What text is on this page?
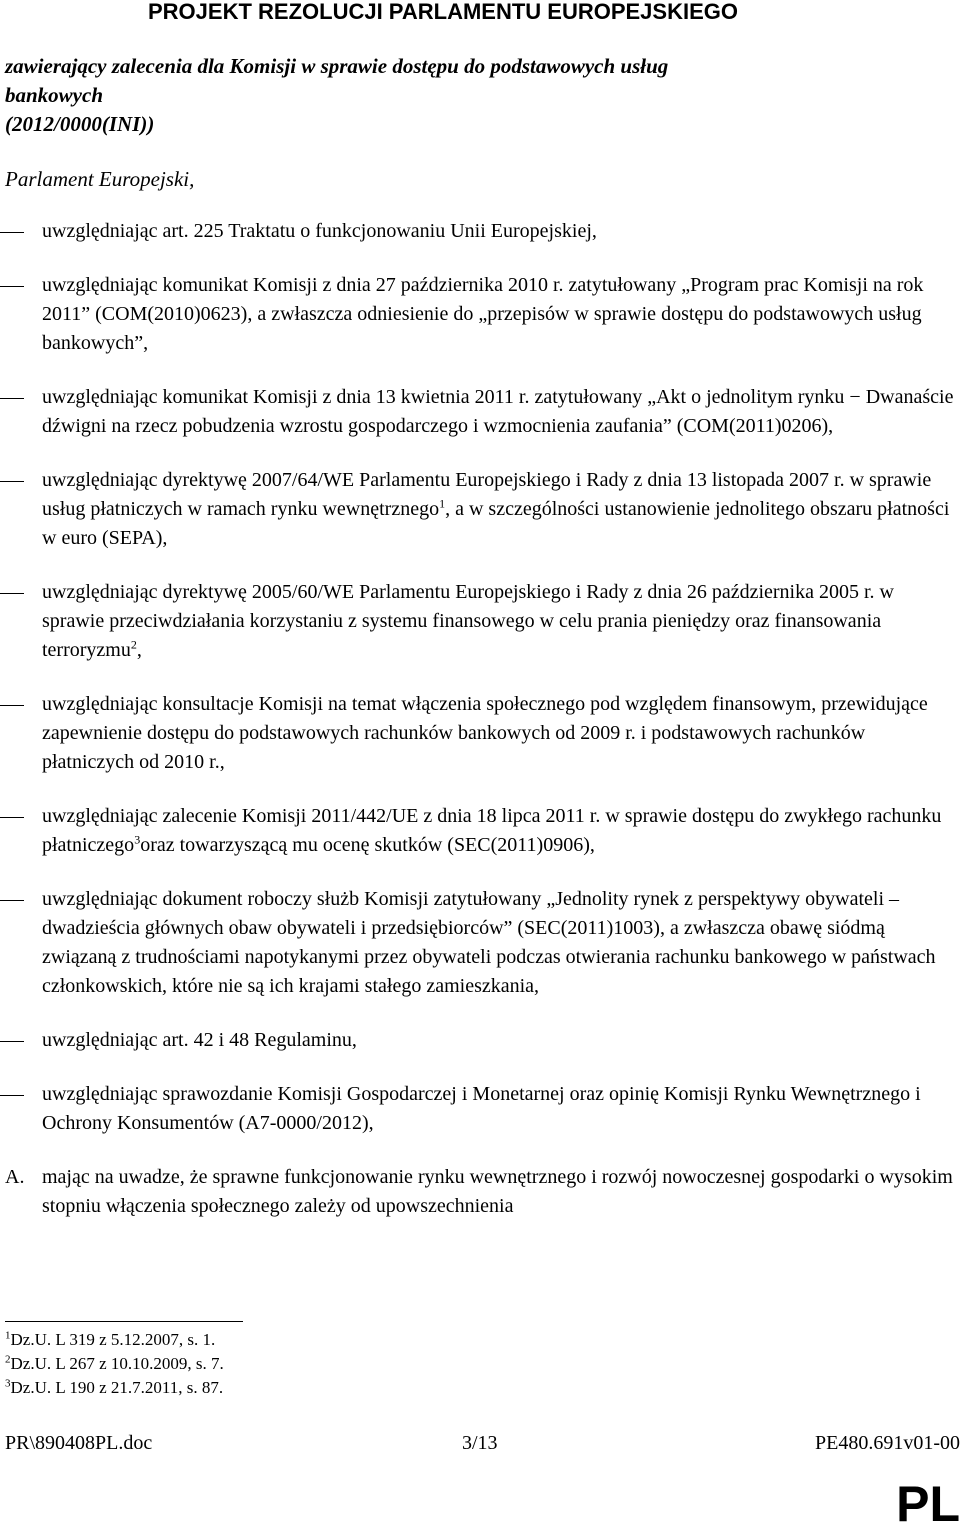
PROJEKT REZOLUCJI PARLAMENTU EUROPEJSKIEGO
zawierający zalecenia dla Komisji w sprawie dostępu do podstawowych usług
bankowych
(2012/0000(INI))
Parlament Europejski,
uwzględniając art. 225 Traktatu o funkcjonowaniu Unii Europejskiej,
uwzględniając komunikat Komisji z dnia 27 października 2010 r. zatytułowany „Program prac Komisji na rok 2011” (COM(2010)0623), a zwłaszcza odniesienie do „przepisów w sprawie dostępu do podstawowych usług bankowych”,
uwzględniając komunikat Komisji z dnia 13 kwietnia 2011 r. zatytułowany „Akt o jednolitym rynku − Dwanaście dźwigni na rzecz pobudzenia wzrostu gospodarczego i wzmocnienia zaufania” (COM(2011)0206),
uwzględniając dyrektywę 2007/64/WE Parlamentu Europejskiego i Rady z dnia 13 listopada 2007 r. w sprawie usług płatniczych w ramach rynku wewnętrznego$^1$, a w szczególności ustanowienie jednolitego obszaru płatności w euro (SEPA),
uwzględniając dyrektywę 2005/60/WE Parlamentu Europejskiego i Rady z dnia 26 października 2005 r. w sprawie przeciwdziałania korzystaniu z systemu finansowego w celu prania pieniędzy oraz finansowania terroryzmu$^2$,
uwzględniając konsultacje Komisji na temat włączenia społecznego pod względem finansowym, przewidujące zapewnienie dostępu do podstawowych rachunków bankowych od 2009 r. i podstawowych rachunków płatniczych od 2010 r.,
uwzględniając zalecenie Komisji 2011/442/UE z dnia 18 lipca 2011 r. w sprawie dostępu do zwykłego rachunku płatniczego$^3$oraz towarzyszącą mu ocenę skutków (SEC(2011)0906),
uwzględniając dokument roboczy służb Komisji zatytułowany „Jednolity rynek z perspektywy obywateli – dwadzieścia głównych obaw obywateli i przedsiębiorców” (SEC(2011)1003), a zwłaszcza obawę siódmą związaną z trudnościami napotykanymi przez obywateli podczas otwierania rachunku bankowego w państwach członkowskich, które nie są ich krajami stałego zamieszkania,
uwzględniając art. 42 i 48 Regulaminu,
uwzględniając sprawozdanie Komisji Gospodarczej i Monetarnej oraz opinię Komisji Rynku Wewnętrznego i Ochrony Konsumentów (A7-0000/2012),
A. mając na uwadze, że sprawne funkcjonowanie rynku wewnętrznego i rozwój nowoczesnej gospodarki o wysokim stopniu włączenia społecznego zależy od upowszechnienia
$^1$Dz.U. L 319 z 5.12.2007, s. 1.
$^2$Dz.U. L 267 z 10.10.2009, s. 7.
$^3$Dz.U. L 190 z 21.7.2011, s. 87.
PR\890408PL.doc	3/13	PE480.691v01-00
PL
